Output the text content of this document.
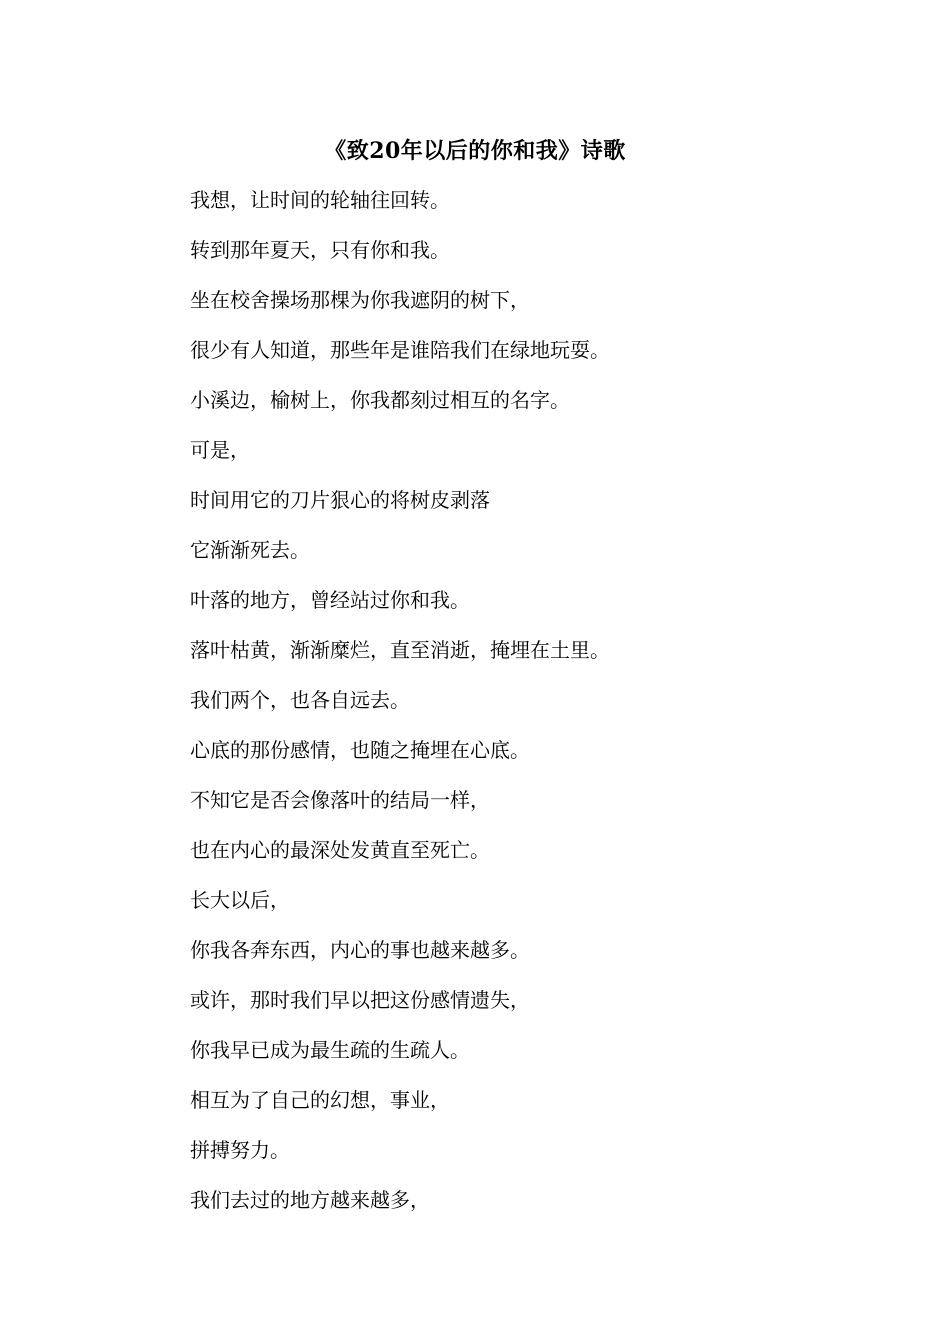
《致20年以后的你和我》诗歌
我想，让时间的轮轴往回转。
转到那年夏天，只有你和我。
坐在校舍操场那棵为你我遮阴的树下，
很少有人知道，那些年是谁陪我们在绿地玩耍。
小溪边，榆树上，你我都刻过相互的名字。
可是，
时间用它的刀片狠心的将树皮剥落
它渐渐死去。
叶落的地方，曾经站过你和我。
落叶枯黄，渐渐糜烂，直至消逝，掩埋在土里。
我们两个，也各自远去。
心底的那份感情，也随之掩埋在心底。
不知它是否会像落叶的结局一样，
也在内心的最深处发黄直至死亡。
长大以后，
你我各奔东西，内心的事也越来越多。
或许，那时我们早以把这份感情遗失，
你我早已成为最生疏的生疏人。
相互为了自己的幻想，事业，
拼搏努力。
我们去过的地方越来越多，
